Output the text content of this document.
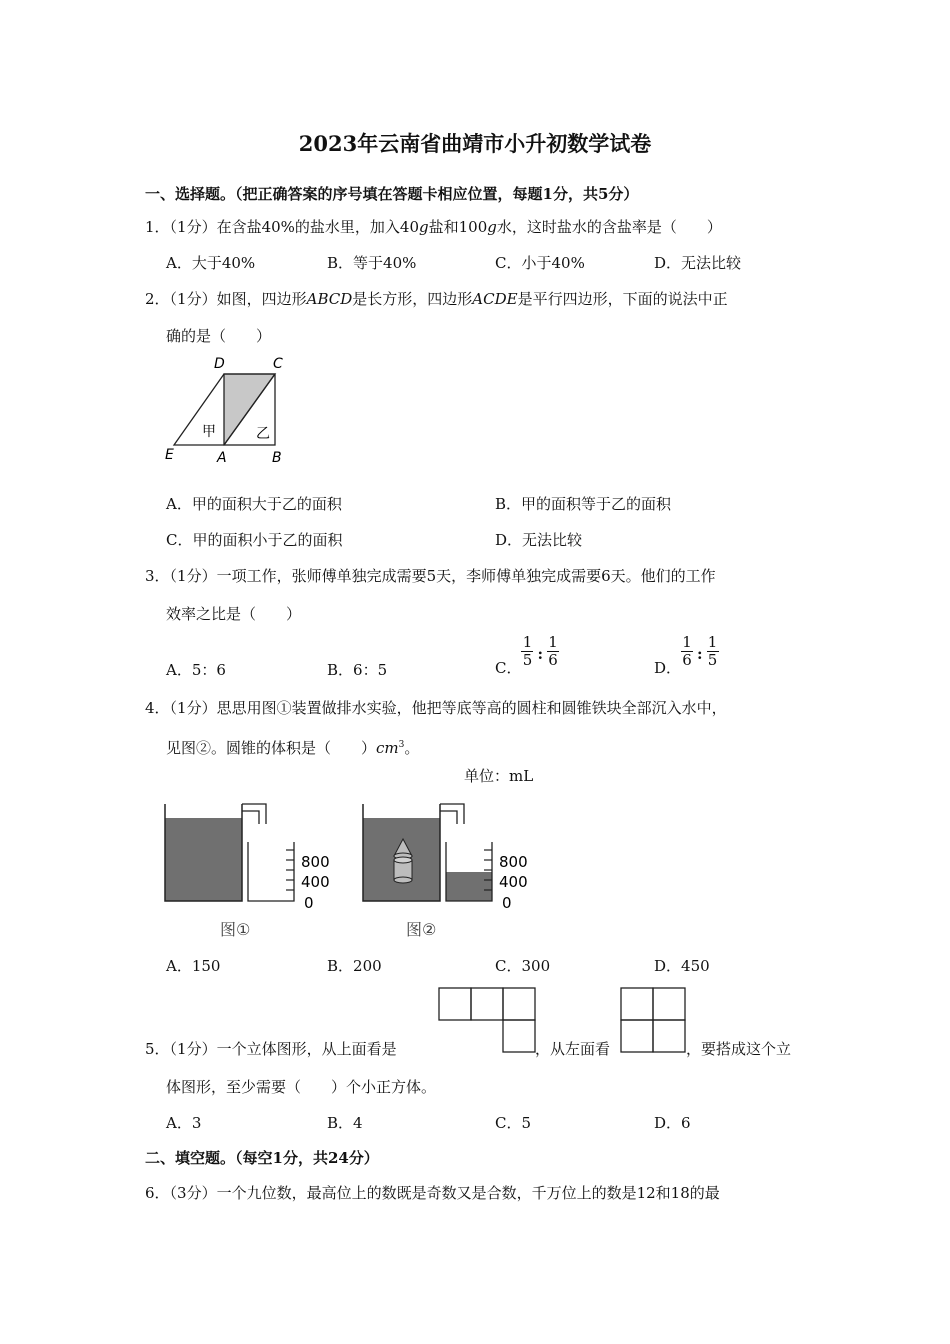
2023年云南省曲靖市小升初数学试卷
一、选择题。（把正确答案的序号填在答题卡相应位置，每题1分，共5分）
1．（1分）在含盐40%的盐水里，加入40g盐和100g水，这时盐水的含盐率是（　　）
A．大于40%	B．等于40%	C．小于40%	D．无法比较
2．（1分）如图，四边形ABCD是长方形，四边形ACDE是平行四边形，下面的说法中正
确的是（　　）
D	C
E	A	B
甲	乙
A．甲的面积大于乙的面积	B．甲的面积等于乙的面积
C．甲的面积小于乙的面积	D．无法比较
3．（1分）一项工作，张师傅单独完成需要5天，李师傅单独完成需要6天。他们的工作
效率之比是（　　）
A．5：6	B．6：5	C． $\frac{1}{5}$ : $\frac{1}{6}$	D． $\frac{1}{6}$ : $\frac{1}{5}$
4．（1分）思思用图①装置做排水实验，他把等底等高的圆柱和圆锥铁块全部沉入水中，
见图②。圆锥的体积是（　　）$cm^3$。
单位：mL
800
400
0
图①
800
400
0
图②
A．150	B．200	C．300	D．450
5．（1分）一个立体图形，从上面看是	，从左面看	，要搭成这个立
体图形，至少需要（　　）个小正方体。
A．3	B．4	C．5	D．6
二、填空题。（每空1分，共24分）
6．（3分）一个九位数，最高位上的数既是奇数又是合数，千万位上的数是12和18的最
